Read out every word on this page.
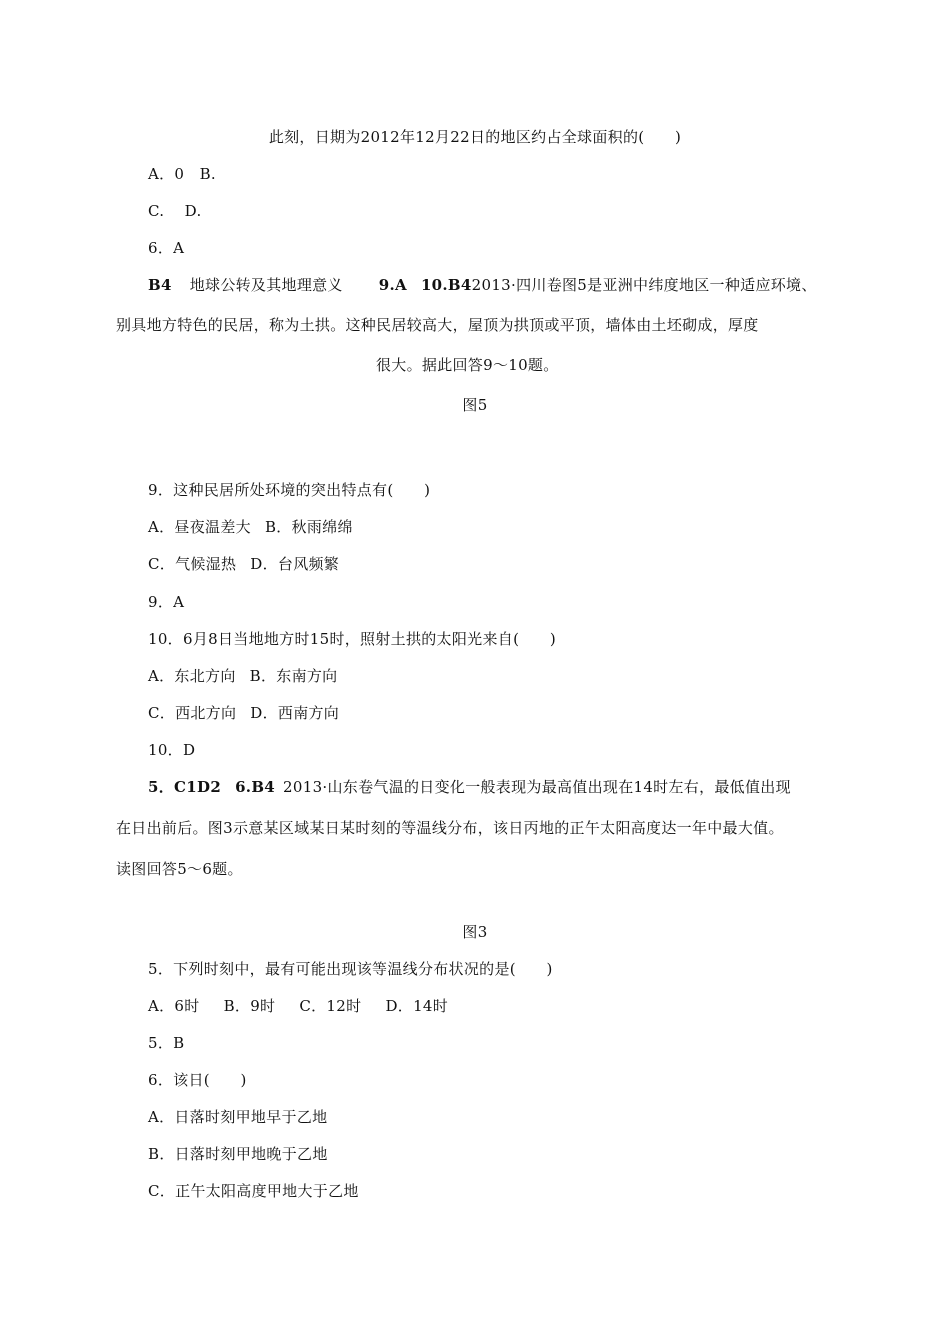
此刻，日期为2012年12月22日的地区约占全球面积的(　　)
A．0　B.
C.　 D.
6．A
B4 地球公转及其地理意义 9.A 10.B42013·四川卷图5是亚洲中纬度地区一种适应环境、
别具地方特色的民居，称为土拱。这种民居较高大，屋顶为拱顶或平顶，墙体由土坯砌成，厚度
很大。据此回答9～10题。
图5
9．这种民居所处环境的突出特点有(　　)
A．昼夜温差大 B．秋雨绵绵
C．气候湿热 D．台风频繁
9．A
10．6月8日当地地方时15时，照射土拱的太阳光来自(　　)
A．东北方向 B．东南方向
C．西北方向 D．西南方向
10．D
5．C1D2 6.B4 2013·山东卷气温的日变化一般表现为最高值出现在14时左右，最低值出现
在日出前后。图3示意某区域某日某时刻的等温线分布，该日丙地的正午太阳高度达一年中最大值。
读图回答5～6题。
图3
5．下列时刻中，最有可能出现该等温线分布状况的是(　　)
A．6时 B．9时 C．12时 D．14时
5．B
6．该日(　　)
A．日落时刻甲地早于乙地
B．日落时刻甲地晚于乙地
C．正午太阳高度甲地大于乙地
